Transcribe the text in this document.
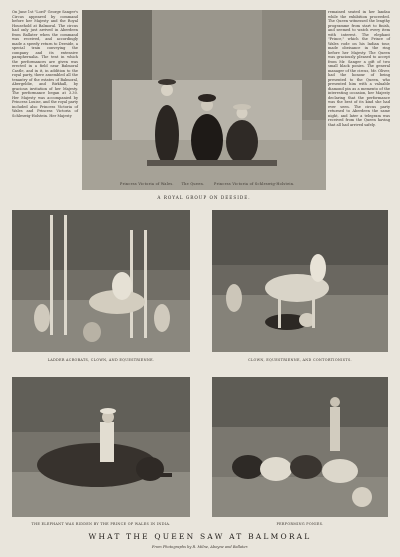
On June 1st "Lord" George Sanger's Circus appeared by command before her Majesty and the Royal Household at Balmoral. The circus had only just arrived in Aberdeen from Ballater when the command was received, and accordingly made a speedy return to Deeside, a special train conveying the company and its extensive paraphernalia. The tent in which the performances are given was erected in a field near Balmoral Castle, and in it, in addition to the royal party, there assembled all the tenantry of the estates of Balmoral, Abergeldie, and Birkhall, by gracious invitation of her Majesty. The performance began at 3.30. Her Majesty was accompanied by Princess Louise, and the royal party included also Princess Victoria of Wales and Princess Victoria of Schleswig-Holstein. Her Majesty
remained seated in her landau while the exhibition proceeded. The Queen witnessed the lengthy programme from start to finish, and seemed to watch every item with interest. The elephant "Prince," which the Prince of Wales rode on his Indian tour, made obeisance in the ring before her Majesty. The Queen was graciously pleased to accept from Mr. Sanger a gift of two small black ponies. The general manager of the circus, Mr. Oliver, had the honour of being presented to the Queen, who presented him with a valuable diamond pin as a memento of the interesting occasion, her Majesty declaring that the performance was the best of its kind she had ever seen. The circus party returned to Aberdeen the same night, and later a telegram was received from the Queen having that all had arrived safely.
Princess Victoria of Wales.	The Queen.	Princess Victoria of Schleswig-Holstein.
A ROYAL GROUP ON DEESIDE.
LADDER ACROBATS, CLOWN, AND EQUESTRIENNE.	CLOWN, EQUESTRIENNE, AND CONTORTIONISTS.
THE ELEPHANT WAS RIDDEN BY THE PRINCE OF WALES IN INDIA.	PERFORMING PONIES.
WHAT THE QUEEN SAW AT BALMORAL
From Photographs by R. Milne, Aboyne and Ballater.
